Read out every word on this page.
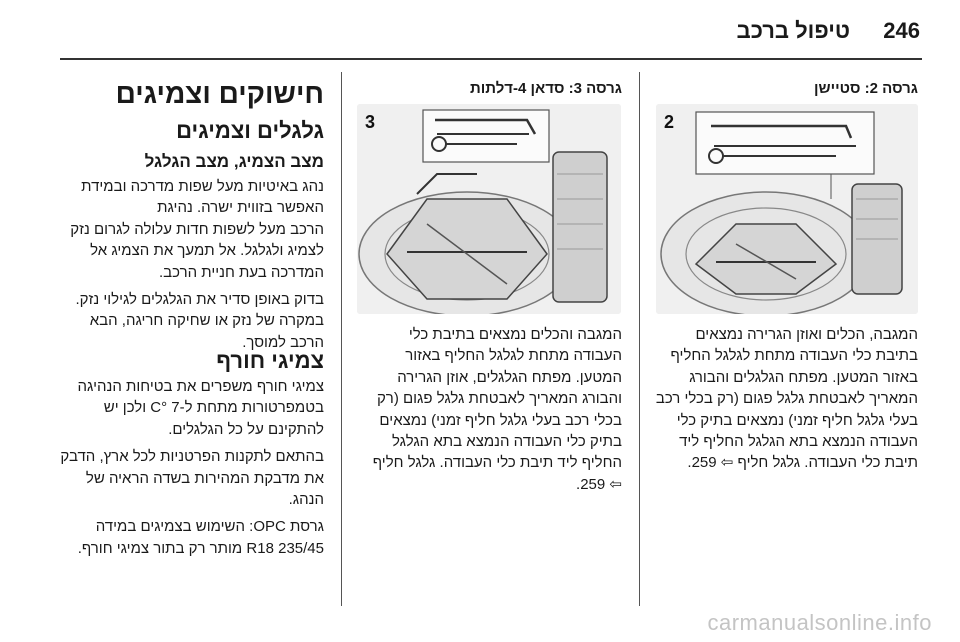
טיפול ברכב 246
גרסה 2: סטיישן
2
המגבה, הכלים ואוזן הגרירה נמצאים
בתיבת כלי העבודה מתחת לגלגל החליף
באזור המטען. מפתח הגלגלים והבורג
המאריך לאבטחת גלגל פגום (רק בכלי רכב
בעלי גלגל חליף זמני) נמצאים בתיק כלי
העבודה הנמצא בתא הגלגל החליף ליד
תיבת כלי העבודה. גלגל חליף ⇦ 259.
גרסה 3: סדאן 4-דלתות
3
המגבה והכלים נמצאים בתיבת כלי
העבודה מתחת לגלגל החליף באזור
המטען. מפתח הגלגלים, אוזן הגרירה
והבורג המאריך לאבטחת גלגל פגום (רק
בכלי רכב בעלי גלגל חליף זמני) נמצאים
בתיק כלי העבודה הנמצא בתא הגלגל
החליף ליד תיבת כלי העבודה. גלגל חליף
⇦ 259.
חישוקים וצמיגים
גלגלים וצמיגים
מצב הצמיג, מצב הגלגל
נהג באיטיות מעל שפות מדרכה ובמידת
האפשר בזווית ישרה. נהיגת
הרכב מעל לשפות חדות עלולה לגרום נזק
לצמיג ולגלגל. אל תמעך את הצמיג אל
המדרכה בעת חניית הרכב.
בדוק באופן סדיר את הגלגלים לגילוי נזק.
במקרה של נזק או שחיקה חריגה, הבא
הרכב למוסך.
צמיגי חורף
צמיגי חורף משפרים את בטיחות הנהיגה
בטמפרטורות מתחת ל-C° 7 ולכן יש
להתקינם על כל הגלגלים.
בהתאם לתקנות הפרטניות לכל ארץ, הדבק
את מדבקת המהירות בשדה הראיה של
הנהג.
גרסת OPC: השימוש בצמיגים במידה
235/45 R18 מותר רק בתור צמיגי חורף.
carmanualsonline.info
